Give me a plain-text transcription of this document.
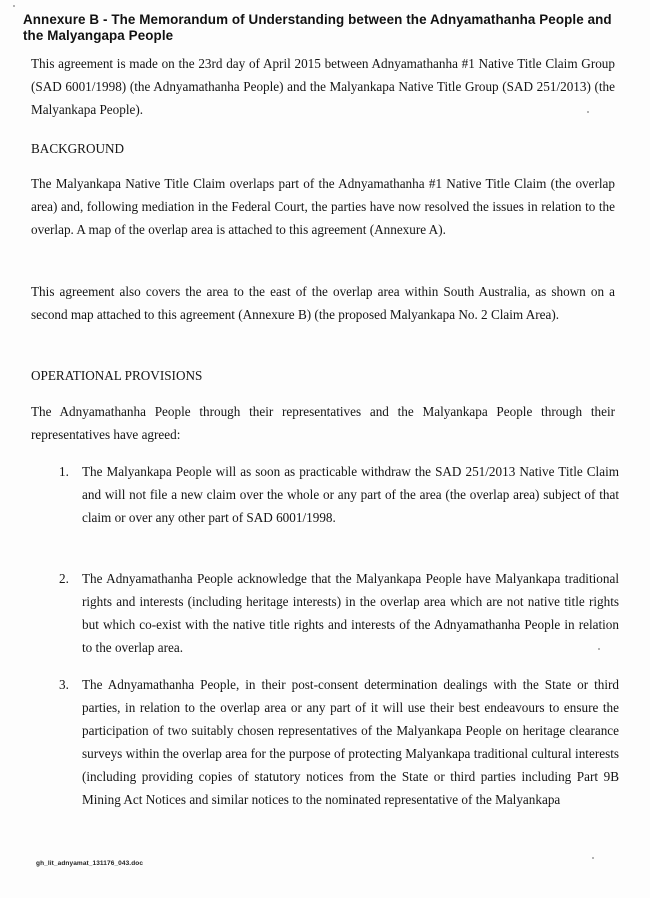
Annexure B - The Memorandum of Understanding between the Adnyamathanha People and the Malyangapa People

This agreement is made on the 23rd day of April 2015 between Adnyamathanha #1 Native Title Claim Group (SAD 6001/1998) (the Adnyamathanha People) and the Malyankapa Native Title Group (SAD 251/2013) (the Malyankapa People).

BACKGROUND

The Malyankapa Native Title Claim overlaps part of the Adnyamathanha #1 Native Title Claim (the overlap area) and, following mediation in the Federal Court, the parties have now resolved the issues in relation to the overlap. A map of the overlap area is attached to this agreement (Annexure A).

This agreement also covers the area to the east of the overlap area within South Australia, as shown on a second map attached to this agreement (Annexure B) (the proposed Malyankapa No. 2 Claim Area).

OPERATIONAL PROVISIONS

The Adnyamathanha People through their representatives and the Malyankapa People through their representatives have agreed:

1. The Malyankapa People will as soon as practicable withdraw the SAD 251/2013 Native Title Claim and will not file a new claim over the whole or any part of the area (the overlap area) subject of that claim or over any other part of SAD 6001/1998.
2. The Adnyamathanha People acknowledge that the Malyankapa People have Malyankapa traditional rights and interests (including heritage interests) in the overlap area which are not native title rights but which co-exist with the native title rights and interests of the Adnyamathanha People in relation to the overlap area.
3. The Adnyamathanha People, in their post-consent determination dealings with the State or third parties, in relation to the overlap area or any part of it will use their best endeavours to ensure the participation of two suitably chosen representatives of the Malyankapa People on heritage clearance surveys within the overlap area for the purpose of protecting Malyankapa traditional cultural interests (including providing copies of statutory notices from the State or third parties including Part 9B Mining Act Notices and similar notices to the nominated representative of the Malyankapa
gh_lit_adnyamat_131176_043.doc
